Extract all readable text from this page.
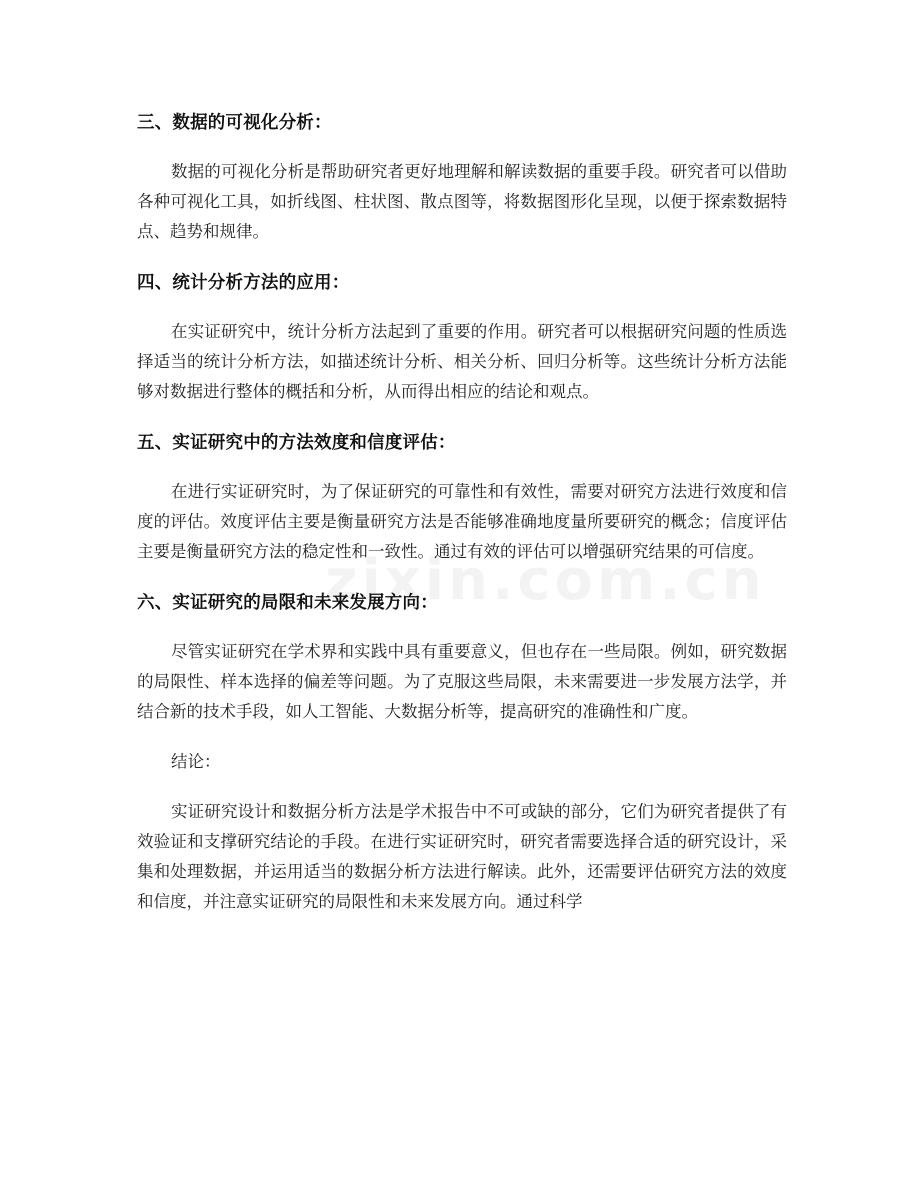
三、数据的可视化分析：

数据的可视化分析是帮助研究者更好地理解和解读数据的重要手段。研究者可以借助各种可视化工具，如折线图、柱状图、散点图等，将数据图形化呈现，以便于探索数据特点、趋势和规律。

四、统计分析方法的应用：

在实证研究中，统计分析方法起到了重要的作用。研究者可以根据研究问题的性质选择适当的统计分析方法，如描述统计分析、相关分析、回归分析等。这些统计分析方法能够对数据进行整体的概括和分析，从而得出相应的结论和观点。

五、实证研究中的方法效度和信度评估：

在进行实证研究时，为了保证研究的可靠性和有效性，需要对研究方法进行效度和信度的评估。效度评估主要是衡量研究方法是否能够准确地度量所要研究的概念；信度评估主要是衡量研究方法的稳定性和一致性。通过有效的评估可以增强研究结果的可信度。

六、实证研究的局限和未来发展方向：

尽管实证研究在学术界和实践中具有重要意义，但也存在一些局限。例如，研究数据的局限性、样本选择的偏差等问题。为了克服这些局限，未来需要进一步发展方法学，并结合新的技术手段，如人工智能、大数据分析等，提高研究的准确性和广度。

结论：

实证研究设计和数据分析方法是学术报告中不可或缺的部分，它们为研究者提供了有效验证和支撑研究结论的手段。在进行实证研究时，研究者需要选择合适的研究设计，采集和处理数据，并运用适当的数据分析方法进行解读。此外，还需要评估研究方法的效度和信度，并注意实证研究的局限性和未来发展方向。通过科学
